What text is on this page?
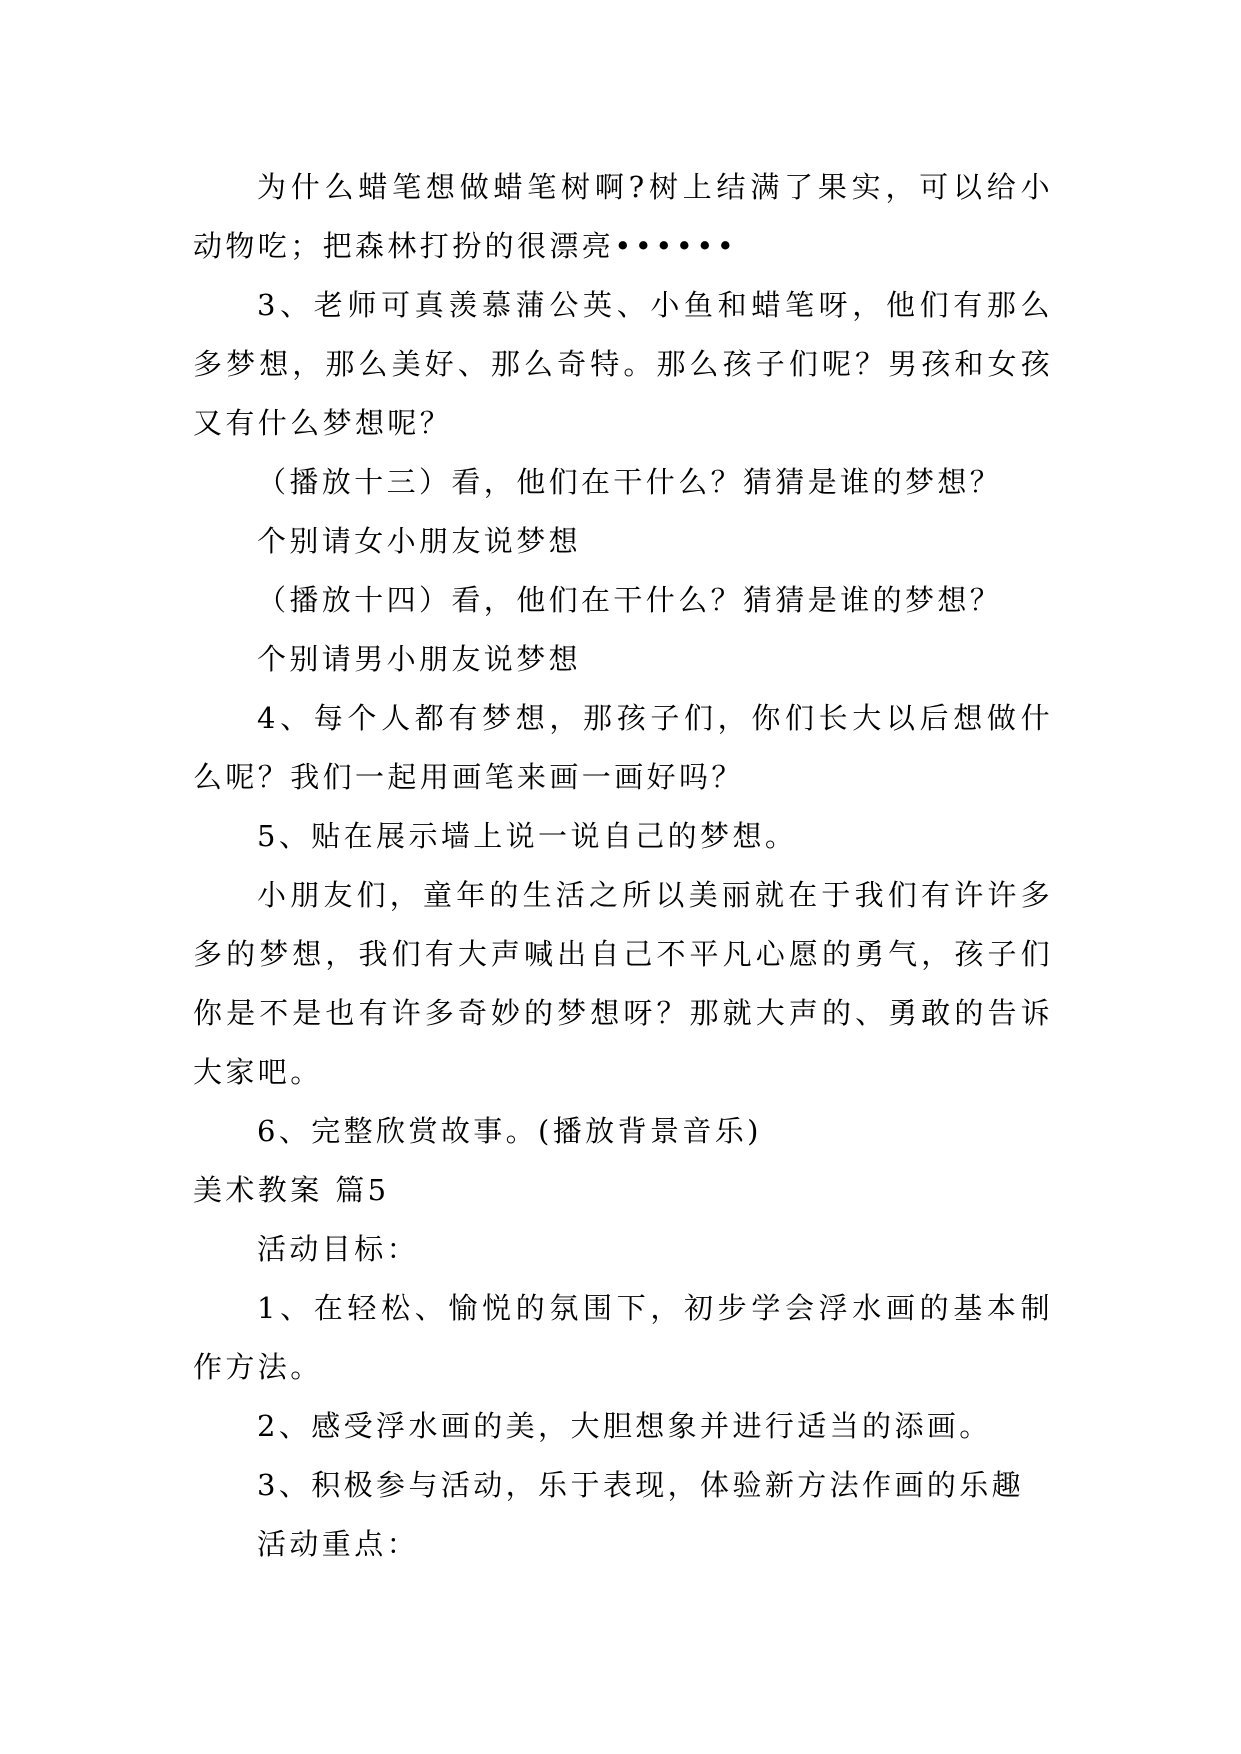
为什么蜡笔想做蜡笔树啊?树上结满了果实，可以给小动物吃；把森林打扮的很漂亮••••••

3、老师可真羡慕蒲公英、小鱼和蜡笔呀，他们有那么多梦想，那么美好、那么奇特。那么孩子们呢？男孩和女孩又有什么梦想呢？

（播放十三）看，他们在干什么？猜猜是谁的梦想？

个别请女小朋友说梦想

（播放十四）看，他们在干什么？猜猜是谁的梦想？

个别请男小朋友说梦想

4、每个人都有梦想，那孩子们，你们长大以后想做什么呢？我们一起用画笔来画一画好吗？

5、贴在展示墙上说一说自己的梦想。

小朋友们，童年的生活之所以美丽就在于我们有许许多多的梦想，我们有大声喊出自己不平凡心愿的勇气，孩子们你是不是也有许多奇妙的梦想呀？那就大声的、勇敢的告诉大家吧。

6、完整欣赏故事。(播放背景音乐)

美术教案 篇5

活动目标：

1、在轻松、愉悦的氛围下，初步学会浮水画的基本制作方法。

2、感受浮水画的美，大胆想象并进行适当的添画。

3、积极参与活动，乐于表现，体验新方法作画的乐趣

活动重点：
